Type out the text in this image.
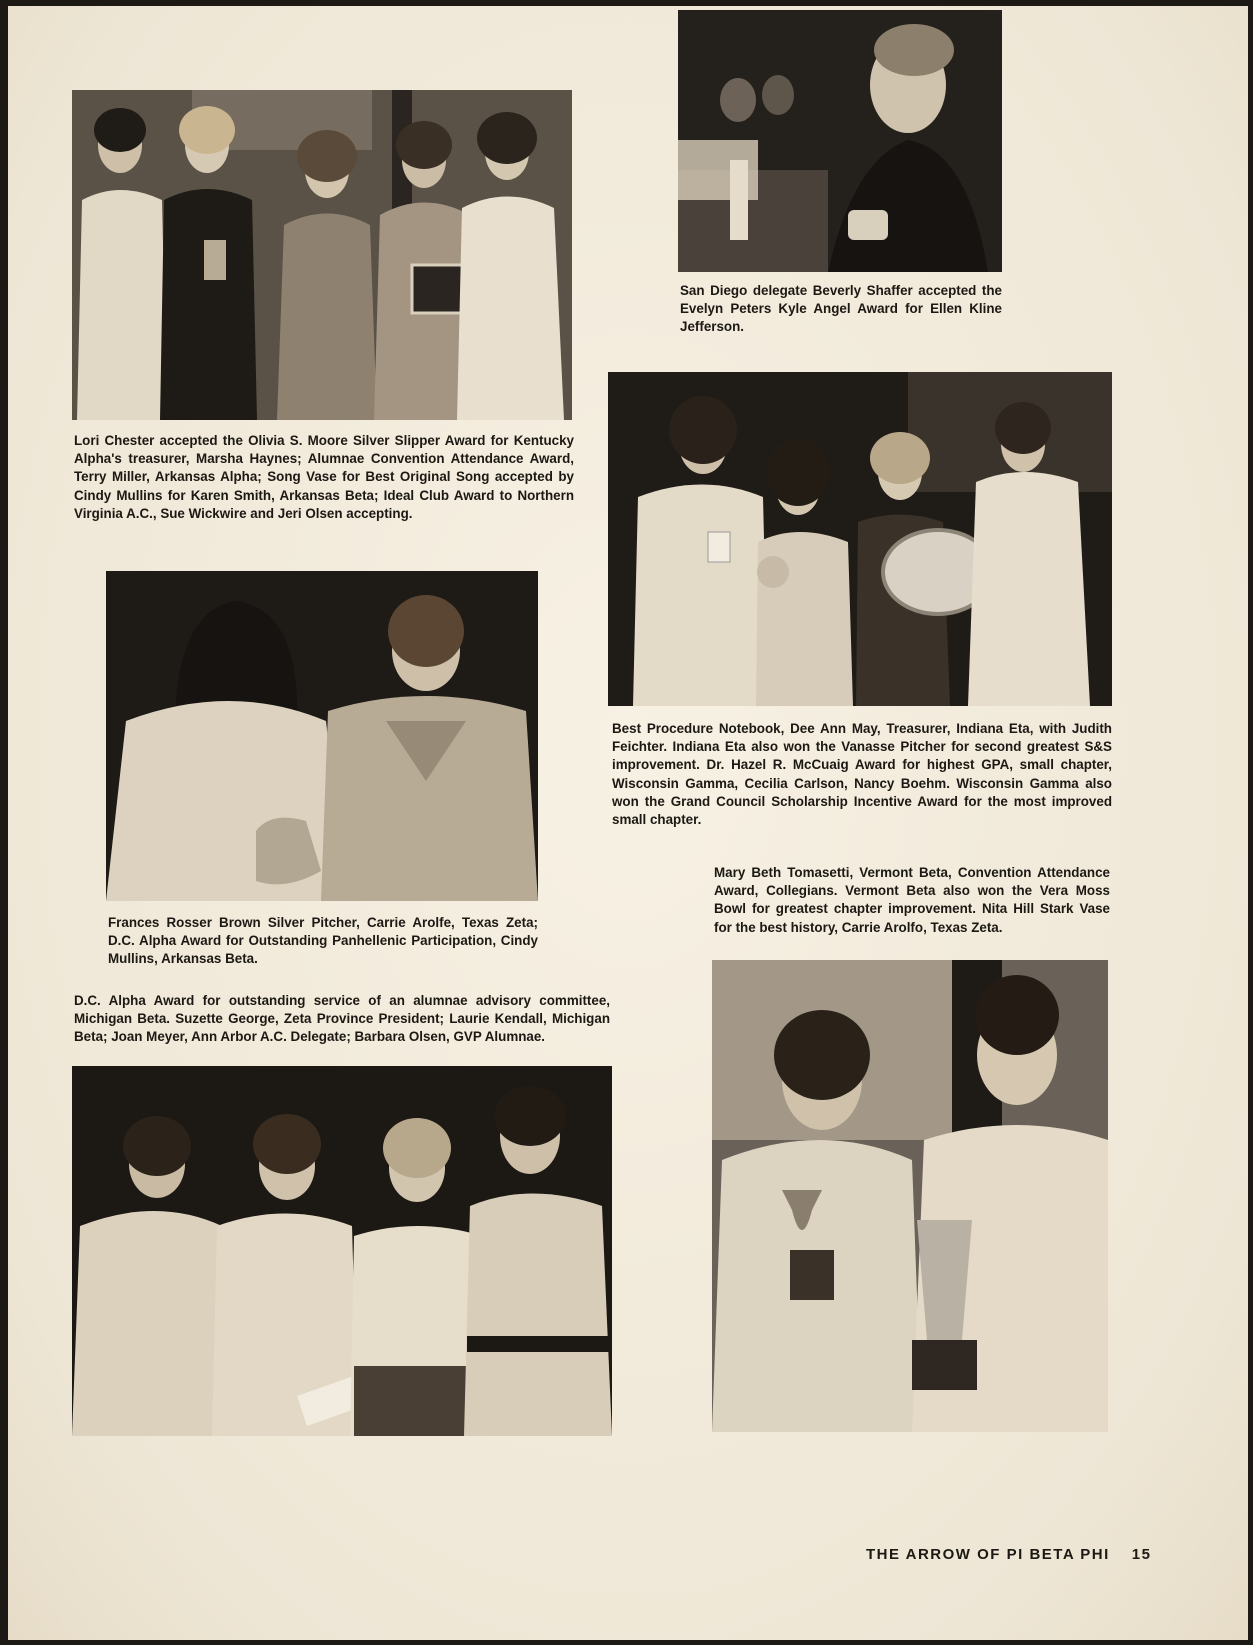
San Diego delegate Beverly Shaffer accepted the Evelyn Peters Kyle Angel Award for Ellen Kline Jefferson.

Lori Chester accepted the Olivia S. Moore Silver Slipper Award for Kentucky Alpha's treasurer, Marsha Haynes; Alumnae Convention Attendance Award, Terry Miller, Arkansas Alpha; Song Vase for Best Original Song accepted by Cindy Mullins for Karen Smith, Arkansas Beta; Ideal Club Award to Northern Virginia A.C., Sue Wickwire and Jeri Olsen accepting.

Best Procedure Notebook, Dee Ann May, Treasurer, Indiana Eta, with Judith Feichter. Indiana Eta also won the Vanasse Pitcher for second greatest S&S improvement. Dr. Hazel R. McCuaig Award for highest GPA, small chapter, Wisconsin Gamma, Cecilia Carlson, Nancy Boehm. Wisconsin Gamma also won the Grand Council Scholarship Incentive Award for the most improved small chapter.

Frances Rosser Brown Silver Pitcher, Carrie Arolfe, Texas Zeta; D.C. Alpha Award for Outstanding Panhellenic Participation, Cindy Mullins, Arkansas Beta.

Mary Beth Tomasetti, Vermont Beta, Convention Attendance Award, Collegians. Vermont Beta also won the Vera Moss Bowl for greatest chapter improvement. Nita Hill Stark Vase for the best history, Carrie Arolfo, Texas Zeta.

D.C. Alpha Award for outstanding service of an alumnae advisory committee, Michigan Beta. Suzette George, Zeta Province President; Laurie Kendall, Michigan Beta; Joan Meyer, Ann Arbor A.C. Delegate; Barbara Olsen, GVP Alumnae.

THE ARROW OF PI BETA PHI 15
